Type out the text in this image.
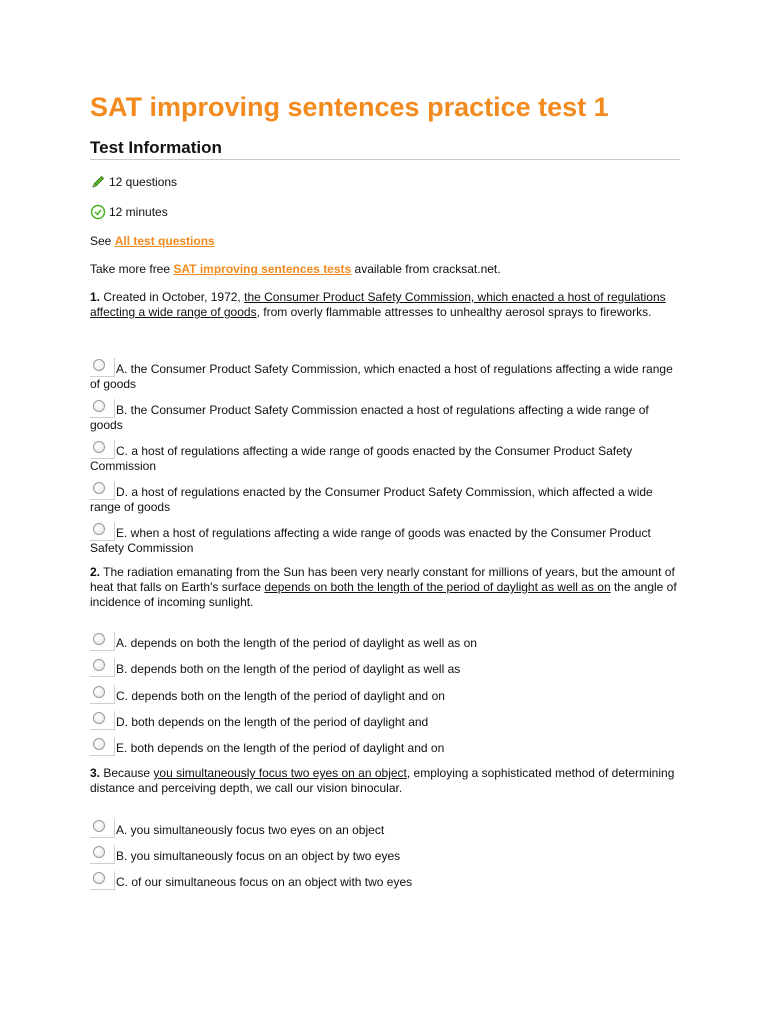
SAT improving sentences practice test 1
Test Information
12 questions
12 minutes
See All test questions
Take more free SAT improving sentences tests available from cracksat.net.
1. Created in October, 1972, the Consumer Product Safety Commission, which enacted a host of regulations affecting a wide range of goods, from overly flammable attresses to unhealthy aerosol sprays to fireworks.
A. the Consumer Product Safety Commission, which enacted a host of regulations affecting a wide range of goods
B. the Consumer Product Safety Commission enacted a host of regulations affecting a wide range of goods
C. a host of regulations affecting a wide range of goods enacted by the Consumer Product Safety Commission
D. a host of regulations enacted by the Consumer Product Safety Commission, which affected a wide range of goods
E. when a host of regulations affecting a wide range of goods was enacted by the Consumer Product Safety Commission
2. The radiation emanating from the Sun has been very nearly constant for millions of years, but the amount of heat that falls on Earth's surface depends on both the length of the period of daylight as well as on the angle of incidence of incoming sunlight.
A. depends on both the length of the period of daylight as well as on
B. depends both on the length of the period of daylight as well as
C. depends both on the length of the period of daylight and on
D. both depends on the length of the period of daylight and
E. both depends on the length of the period of daylight and on
3. Because you simultaneously focus two eyes on an object, employing a sophisticated method of determining distance and perceiving depth, we call our vision binocular.
A. you simultaneously focus two eyes on an object
B. you simultaneously focus on an object by two eyes
C. of our simultaneous focus on an object with two eyes
